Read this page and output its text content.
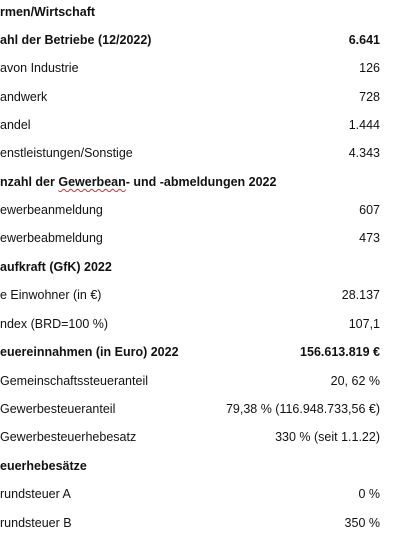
rmen/Wirtschaft
ahl der Betriebe (12/2022)	6.641
avon Industrie	126
andwerk	728
andel	1.444
enstleistungen/Sonstige	4.343
nzahl der Gewerbean- und -abmeldungen 2022
ewerbeanmeldung	607
ewerbeabmeldung	473
aufkraft (GfK) 2022
e Einwohner (in €)	28.137
ndex (BRD=100 %)	107,1
euereinnahmen (in Euro) 2022	156.613.819 €
Gemeinschaftssteueranteil	20, 62 %
Gewerbesteueranteil	79,38 % (116.948.733,56 €)
Gewerbesteuerhebesatz	330 % (seit 1.1.22)
euerhebesätze
rundsteuer A	0 %
rundsteuer B	350 %
